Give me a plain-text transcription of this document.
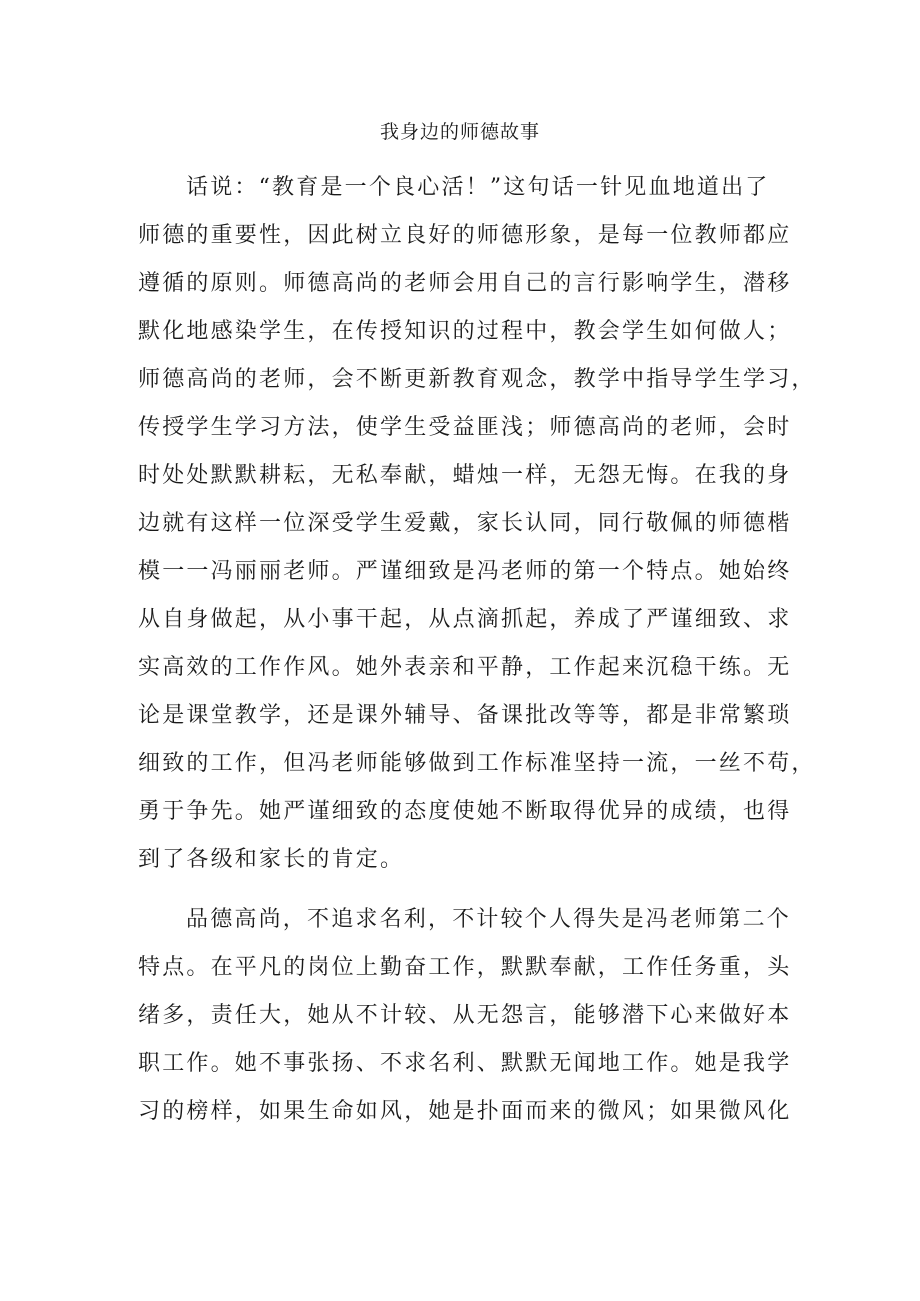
我身边的师德故事
话说：“教育是一个良心活！”这句话一针见血地道出了
师德的重要性，因此树立良好的师德形象，是每一位教师都应
遵循的原则。师德高尚的老师会用自己的言行影响学生，潜移
默化地感染学生，在传授知识的过程中，教会学生如何做人；
师德高尚的老师，会不断更新教育观念，教学中指导学生学习，
传授学生学习方法，使学生受益匪浅；师德高尚的老师，会时
时处处默默耕耘，无私奉献，蜡烛一样，无怨无悔。在我的身
边就有这样一位深受学生爱戴，家长认同，同行敬佩的师德楷
模一一冯丽丽老师。严谨细致是冯老师的第一个特点。她始终
从自身做起，从小事干起，从点滴抓起，养成了严谨细致、求
实高效的工作作风。她外表亲和平静，工作起来沉稳干练。无
论是课堂教学，还是课外辅导、备课批改等等，都是非常繁琐
细致的工作，但冯老师能够做到工作标准坚持一流，一丝不苟，
勇于争先。她严谨细致的态度使她不断取得优异的成绩，也得
到了各级和家长的肯定。
品德高尚，不追求名利，不计较个人得失是冯老师第二个
特点。在平凡的岗位上勤奋工作，默默奉献，工作任务重，头
绪多，责任大，她从不计较、从无怨言，能够潜下心来做好本
职工作。她不事张扬、不求名利、默默无闻地工作。她是我学
习的榜样，如果生命如风，她是扑面而来的微风；如果微风化
